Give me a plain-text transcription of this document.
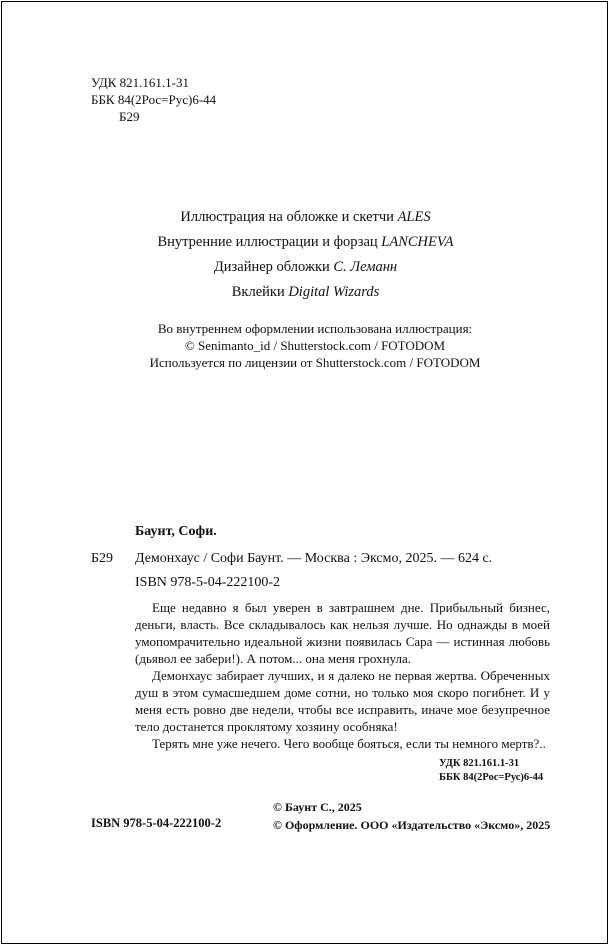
УДК 821.161.1-31
ББК 84(2Рос=Рус)6-44
Б29
Иллюстрация на обложке и скетчи ALES
Внутренние иллюстрации и форзац LANCHEVA
Дизайнер обложки С. Леманн
Вклейки Digital Wizards
Во внутреннем оформлении использована иллюстрация:
© Senimanto_id / Shutterstock.com / FOTODOM
Используется по лицензии от Shutterstock.com / FOTODOM
Баунт, Софи.
Б29 Демонхаус / Софи Баунт. — Москва : Эксмо, 2025. — 624 с.
ISBN 978-5-04-222100-2

Еще недавно я был уверен в завтрашнем дне. Прибыльный бизнес, деньги, власть. Все складывалось как нельзя лучше. Но однажды в моей умопомрачительно идеальной жизни появилась Сара — истинная любовь (дьявол ее забери!). А потом... она меня грохнула.

Демонхаус забирает лучших, и я далеко не первая жертва. Обреченных душ в этом сумасшедшем доме сотни, но только моя скоро погибнет. И у меня есть ровно две недели, чтобы все исправить, иначе мое безупречное тело достанется проклятому хозяину особняка!

Терять мне уже нечего. Чего вообще бояться, если ты немного мертв?..

УДК 821.161.1-31
ББК 84(2Рос=Рус)6-44
© Баунт С., 2025
© Оформление. ООО «Издательство «Эксмо», 2025
ISBN 978-5-04-222100-2
